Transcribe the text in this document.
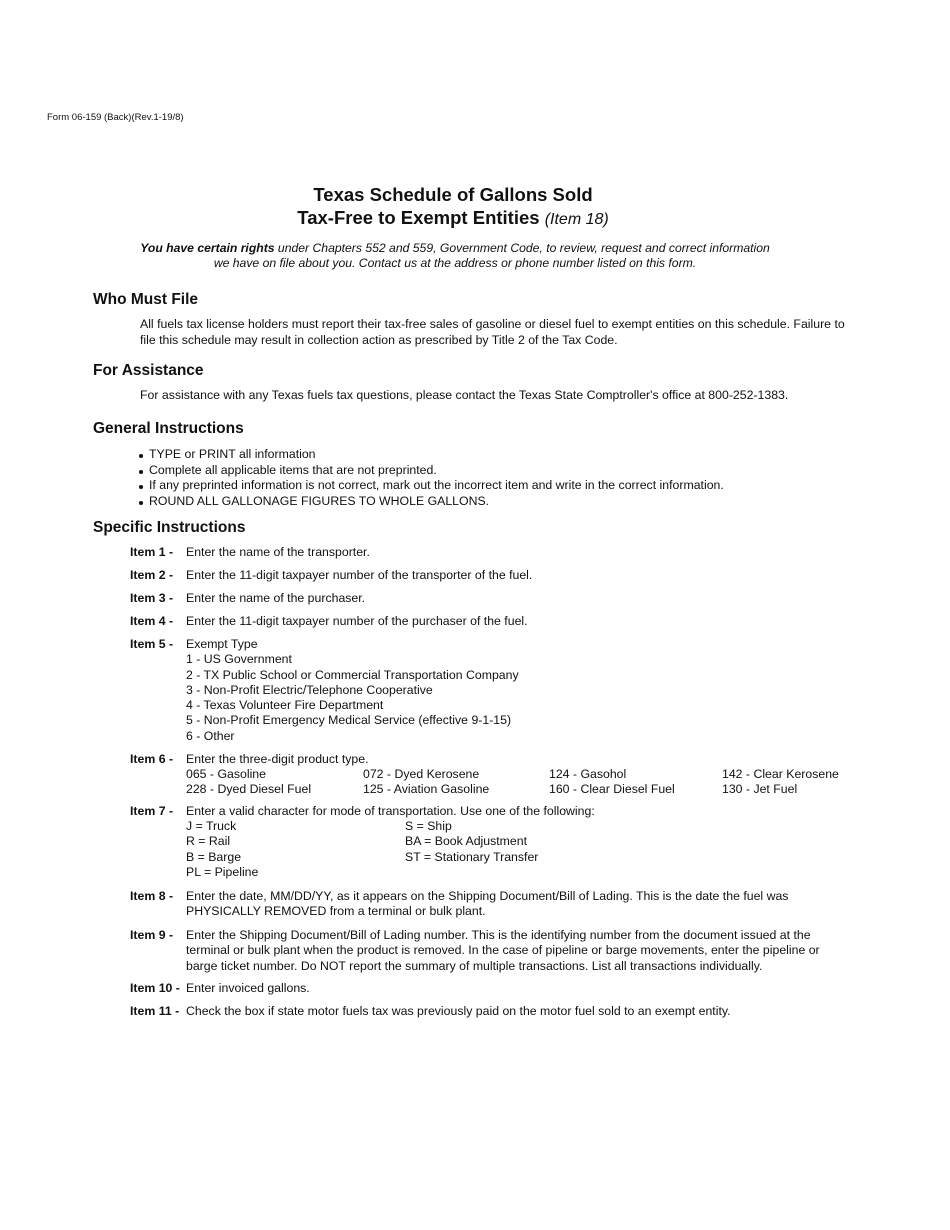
Form 06-159 (Back)(Rev.1-19/8)
Texas Schedule of Gallons Sold
Tax-Free to Exempt Entities (Item 18)
You have certain rights under Chapters 552 and 559, Government Code, to review, request and correct information
we have on file about you. Contact us at the address or phone number listed on this form.
Who Must File
All fuels tax license holders must report their tax-free sales of gasoline or diesel fuel to exempt entities on this schedule. Failure to file this schedule may result in collection action as prescribed by Title 2 of the Tax Code.
For Assistance
For assistance with any Texas fuels tax questions, please contact the Texas State Comptroller's office at 800-252-1383.
General Instructions
TYPE or PRINT all information
Complete all applicable items that are not preprinted.
If any preprinted information is not correct, mark out the incorrect item and write in the correct information.
ROUND ALL GALLONAGE FIGURES TO WHOLE GALLONS.
Specific Instructions
Item 1 - Enter the name of the transporter.
Item 2 - Enter the 11-digit taxpayer number of the transporter of the fuel.
Item 3 - Enter the name of the purchaser.
Item 4 - Enter the 11-digit taxpayer number of the purchaser of the fuel.
Item 5 - Exempt Type
1 - US Government
2 - TX Public School or Commercial Transportation Company
3 - Non-Profit Electric/Telephone Cooperative
4 - Texas Volunteer Fire Department
5 - Non-Profit Emergency Medical Service (effective 9-1-15)
6 - Other
Item 6 - Enter the three-digit product type.
065 - Gasoline	072 - Dyed Kerosene	124 - Gasohol	142 - Clear Kerosene
228 - Dyed Diesel Fuel	125 - Aviation Gasoline	160 - Clear Diesel Fuel	130 - Jet Fuel
Item 7 - Enter a valid character for mode of transportation. Use one of the following:
J = Truck	S = Ship
R = Rail	BA = Book Adjustment
B = Barge	ST = Stationary Transfer
PL = Pipeline
Item 8 - Enter the date, MM/DD/YY, as it appears on the Shipping Document/Bill of Lading. This is the date the fuel was PHYSICALLY REMOVED from a terminal or bulk plant.
Item 9 - Enter the Shipping Document/Bill of Lading number. This is the identifying number from the document issued at the terminal or bulk plant when the product is removed. In the case of pipeline or barge movements, enter the pipeline or barge ticket number. Do NOT report the summary of multiple transactions. List all transactions individually.
Item 10 - Enter invoiced gallons.
Item 11 - Check the box if state motor fuels tax was previously paid on the motor fuel sold to an exempt entity.
